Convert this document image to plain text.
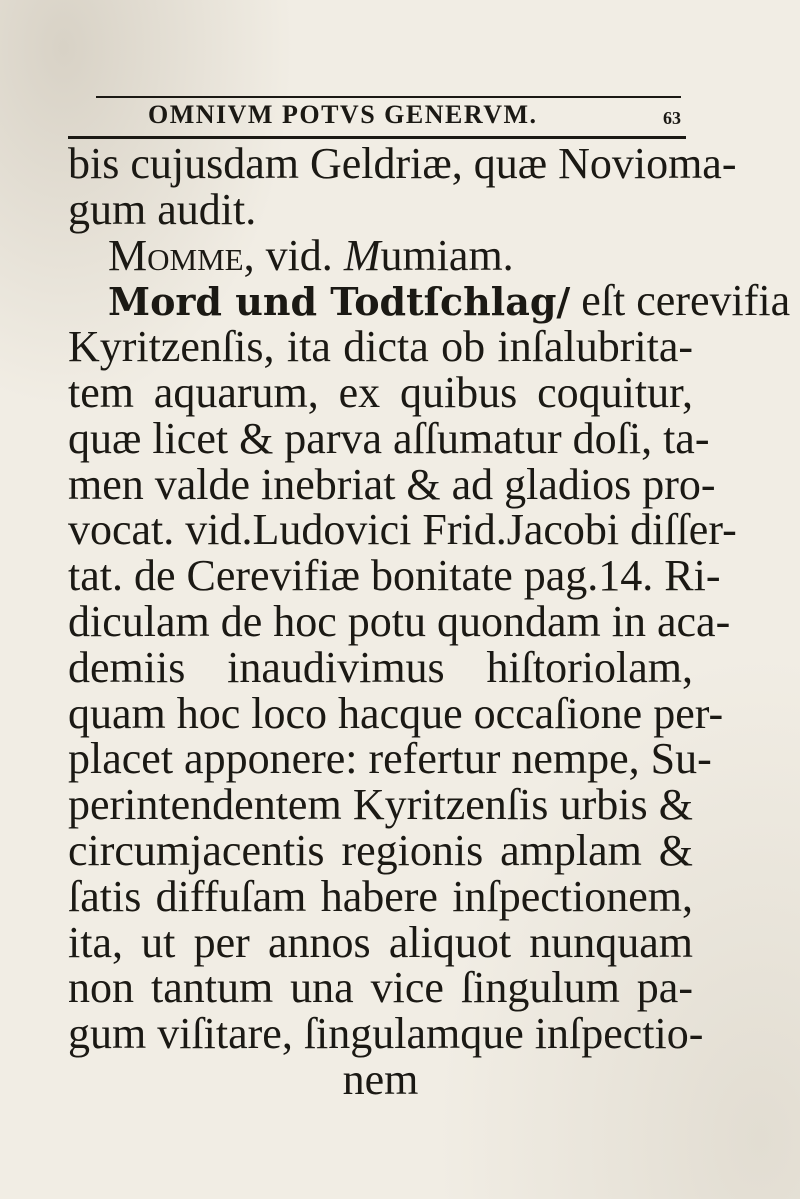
OMNIVM POTVS GENERVM.	63
bis cujusdam Geldriæ, quæ Novioma-
gum audit.
Momme, vid. Mumiam.
Mord und Todtſchlag/ eſt cerevifia
Kyritzenſis, ita dicta ob inſalubrita-
tem aquarum, ex quibus coquitur,
quæ licet & parva aſſumatur doſi, ta-
men valde inebriat & ad gladios pro-
vocat. vid.Ludovici Frid.Jacobi diſſer-
tat. de Cerevifiæ bonitate pag.14. Ri-
diculam de hoc potu quondam in aca-
demiis inaudivimus hiſtoriolam,
quam hoc loco hacque occaſione per-
placet apponere: refertur nempe, Su-
perintendentem Kyritzenſis urbis &
circumjacentis regionis amplam &
ſatis diffuſam habere inſpectionem,
ita, ut per annos aliquot nunquam
non tantum una vice ſingulum pa-
gum viſitare, ſingulamque inſpectio-
nem
